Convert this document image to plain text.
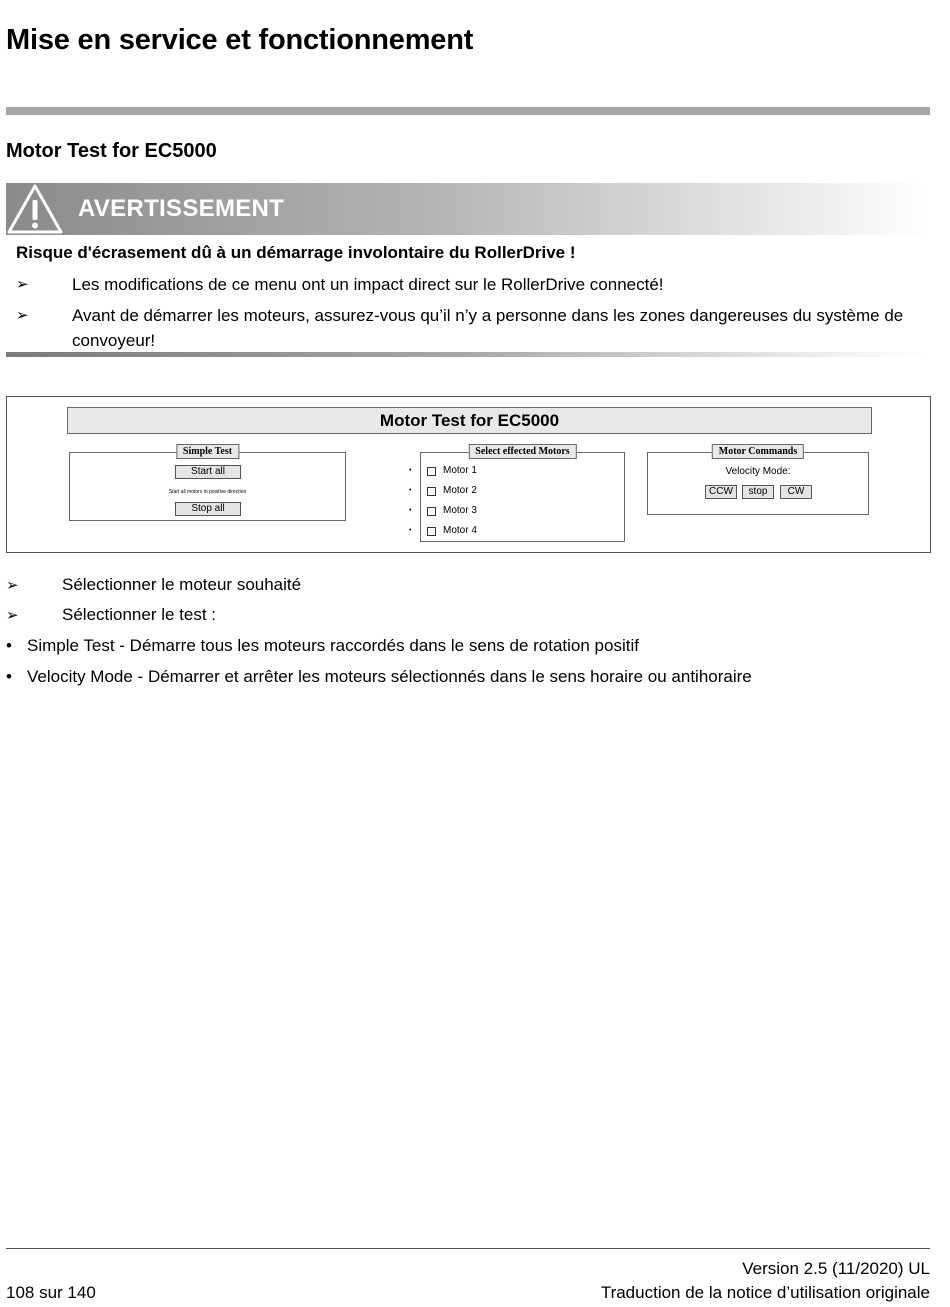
Mise en service et fonctionnement
Motor Test for EC5000
AVERTISSEMENT
Risque d'écrasement dû à un démarrage involontaire du RollerDrive !
➢	Les modifications de ce menu ont un impact direct sur le RollerDrive connecté!
➢	Avant de démarrer les moteurs, assurez-vous qu’il n’y a personne dans les zones dangereuses du système de convoyeur!
Motor Test for EC5000
Simple Test
Start all
Start all motors in positive direction
Stop all
Select effected Motors
•	Motor 1
•	Motor 2
•	Motor 3
•	Motor 4
Motor Commands
Velocity Mode:
CCW	stop	CW
➢	Sélectionner le moteur souhaité
➢	Sélectionner le test :
• Simple Test - Démarre tous les moteurs raccordés dans le sens de rotation positif
• Velocity Mode - Démarrer et arrêter les moteurs sélectionnés dans le sens horaire ou antihoraire
Version 2.5 (11/2020) UL
108 sur 140	Traduction de la notice d’utilisation originale
